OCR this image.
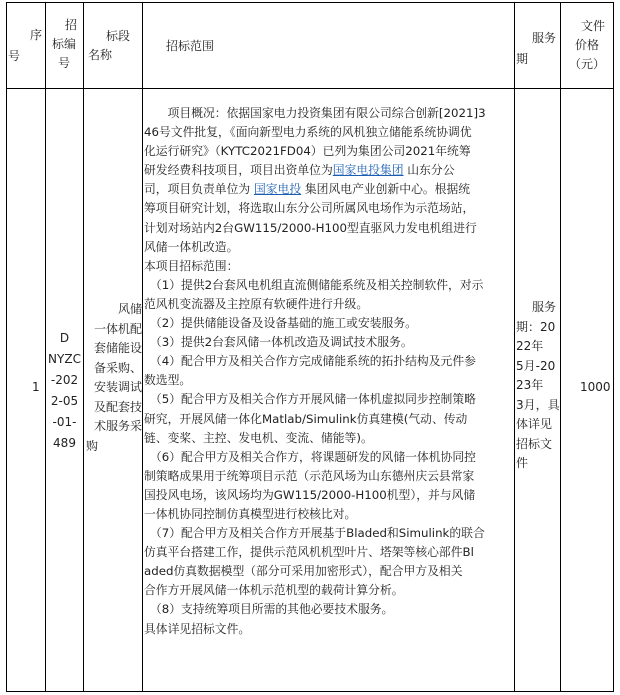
序
号
招
标编
号
标段
名称
招标范围
服务
期
文件
价格
（元）
1
D
NYZC
-202
2-05
-01-
489
风储
一体机配
套储能设
备采购、
安装调试
及配套技
术服务采
购

　　项目概况：依据国家电力投资集团有限公司综合创新[2021]3

46号文件批复，《面向新型电力系统的风机独立储能系统协调优

化运行研究》（KYTC2021FD04）已列为集团公司2021年统筹

研发经费科技项目，项目出资单位为国家电投集团 山东分公

司，项目负责单位为 国家电投 集团风电产业创新中心。根据统

筹项目研究计划，将选取山东分公司所属风电场作为示范场站，

计划对场站内2台GW115/2000-H100型直驱风力发电机组进行

风储一体机改造。

本项目招标范围：

　（1）提供2台套风电机组直流侧储能系统及相关控制软件，对示

范风机变流器及主控原有软硬件进行升级。

　（2）提供储能设备及设备基础的施工或安装服务。

　（3）提供2台套风储一体机改造及调试技术服务。

　（4）配合甲方及相关合作方完成储能系统的拓扑结构及元件参

数选型。

　（5）配合甲方及相关合作方开展风储一体机虚拟同步控制策略

研究，开展风储一体化Matlab/Simulink仿真建模(气动、传动

链、变桨、主控、发电机、变流、储能等)。

　（6）配合甲方及相关合作方，将课题研发的风储一体机协同控

制策略成果用于统筹项目示范（示范风场为山东德州庆云县常家

国投风电场，该风场均为GW115/2000-H100机型），并与风储

一体机协同控制仿真模型进行校核比对。

　（7）配合甲方及相关合作方开展基于Bladed和Simulink的联合

仿真平台搭建工作，提供示范风机机型叶片、塔架等核心部件Bl

aded仿真数据模型（部分可采用加密形式），配合甲方及相关

合作方开展风储一体机示范机型的载荷计算分析。

　（8）支持统筹项目所需的其他必要技术服务。

具体详见招标文件。

服务
期：20
22年
5月-20
23年
3月，具
体详见
招标文
件
1000
